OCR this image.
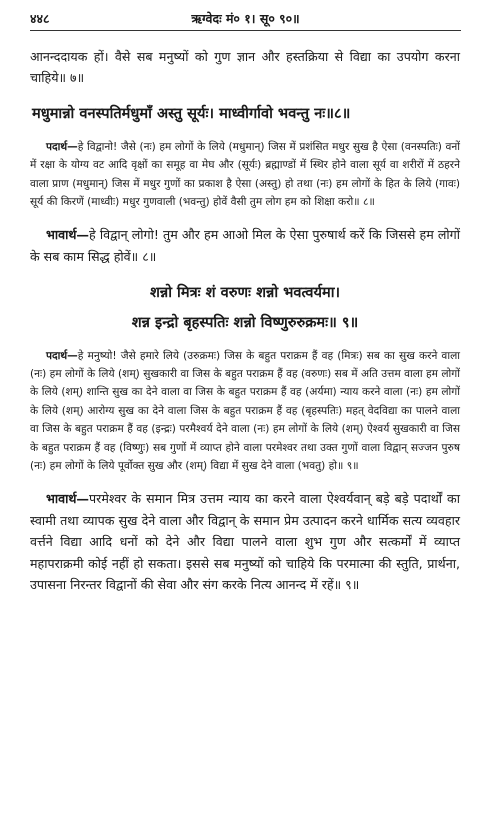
४४८	ऋग्वेदः मं० १। सू० ९०॥

आनन्ददायक हों। वैसे सब मनुष्यों को गुण ज्ञान और हस्तक्रिया से विद्या का उपयोग करना चाहिये॥ ७॥

मधुमान्नो वनस्पतिर्मधुमाँ अस्तु सूर्यः। माध्वीर्गावो भवन्तु नः॥८॥

पदार्थ—हे विद्वानो! जैसे (नः) हम लोगों के लिये (मधुमान्) जिस में प्रशंसित मधुर सुख है ऐसा (वनस्पतिः) वनों में रक्षा के योग्य वट आदि वृक्षों का समूह वा मेघ और (सूर्यः) ब्रह्माण्डों में स्थिर होने वाला सूर्य वा शरीरों में ठहरने वाला प्राण (मधुमान्) जिस में मधुर गुणों का प्रकाश है ऐसा (अस्तु) हो तथा (नः) हम लोगों के हित के लिये (गावः) सूर्य की किरणें (माध्वीः) मधुर गुणवाली (भवन्तु) होवें वैसी तुम लोग हम को शिक्षा करो॥ ८॥

भावार्थ—हे विद्वान् लोगो! तुम और हम आओ मिल के ऐसा पुरुषार्थ करें कि जिससे हम लोगों के सब काम सिद्ध होवें॥ ८॥

शन्नो मित्रः शं वरुणः शन्नो भवत्वर्यमा।
शन्न इन्द्रो बृहस्पतिः शन्नो विष्णुरुरुक्रमः॥ ९॥

पदार्थ—हे मनुष्यो! जैसे हमारे लिये (उरुक्रमः) जिस के बहुत पराक्रम हैं वह (मित्रः) सब का सुख करने वाला (नः) हम लोगों के लिये (शम्) सुखकारी वा जिस के बहुत पराक्रम हैं वह (वरुणः) सब में अति उत्तम वाला हम लोगों के लिये (शम्) शान्ति सुख का देने वाला वा जिस के बहुत पराक्रम हैं वह (अर्यमा) न्याय करने वाला (नः) हम लोगों के लिये (शम्) आरोग्य सुख का देने वाला जिस के बहुत पराक्रम हैं वह (बृहस्पतिः) महत् वेदविद्या का पालने वाला वा जिस के बहुत पराक्रम हैं वह (इन्द्रः) परमैश्वर्य देने वाला (नः) हम लोगों के लिये (शम्) ऐश्वर्य सुखकारी वा जिस के बहुत पराक्रम हैं वह (विष्णुः) सब गुणों में व्याप्त होने वाला परमेश्वर तथा उक्त गुणों वाला विद्वान् सज्जन पुरुष (नः) हम लोगों के लिये पूर्वोक्त सुख और (शम्) विद्या में सुख देने वाला (भवतु) हो॥ ९॥

भावार्थ—परमेश्वर के समान मित्र उत्तम न्याय का करने वाला ऐश्वर्यवान् बड़े बड़े पदार्थों का स्वामी तथा व्यापक सुख देने वाला और विद्वान् के समान प्रेम उत्पादन करने धार्मिक सत्य व्यवहार वर्त्तने विद्या आदि धनों को देने और विद्या पालने वाला शुभ गुण और सत्कर्मों में व्याप्त महापराक्रमी कोई नहीं हो सकता। इससे सब मनुष्यों को चाहिये कि परमात्मा की स्तुति, प्रार्थना, उपासना निरन्तर विद्वानों की सेवा और संग करके नित्य आनन्द में रहें॥ ९॥
